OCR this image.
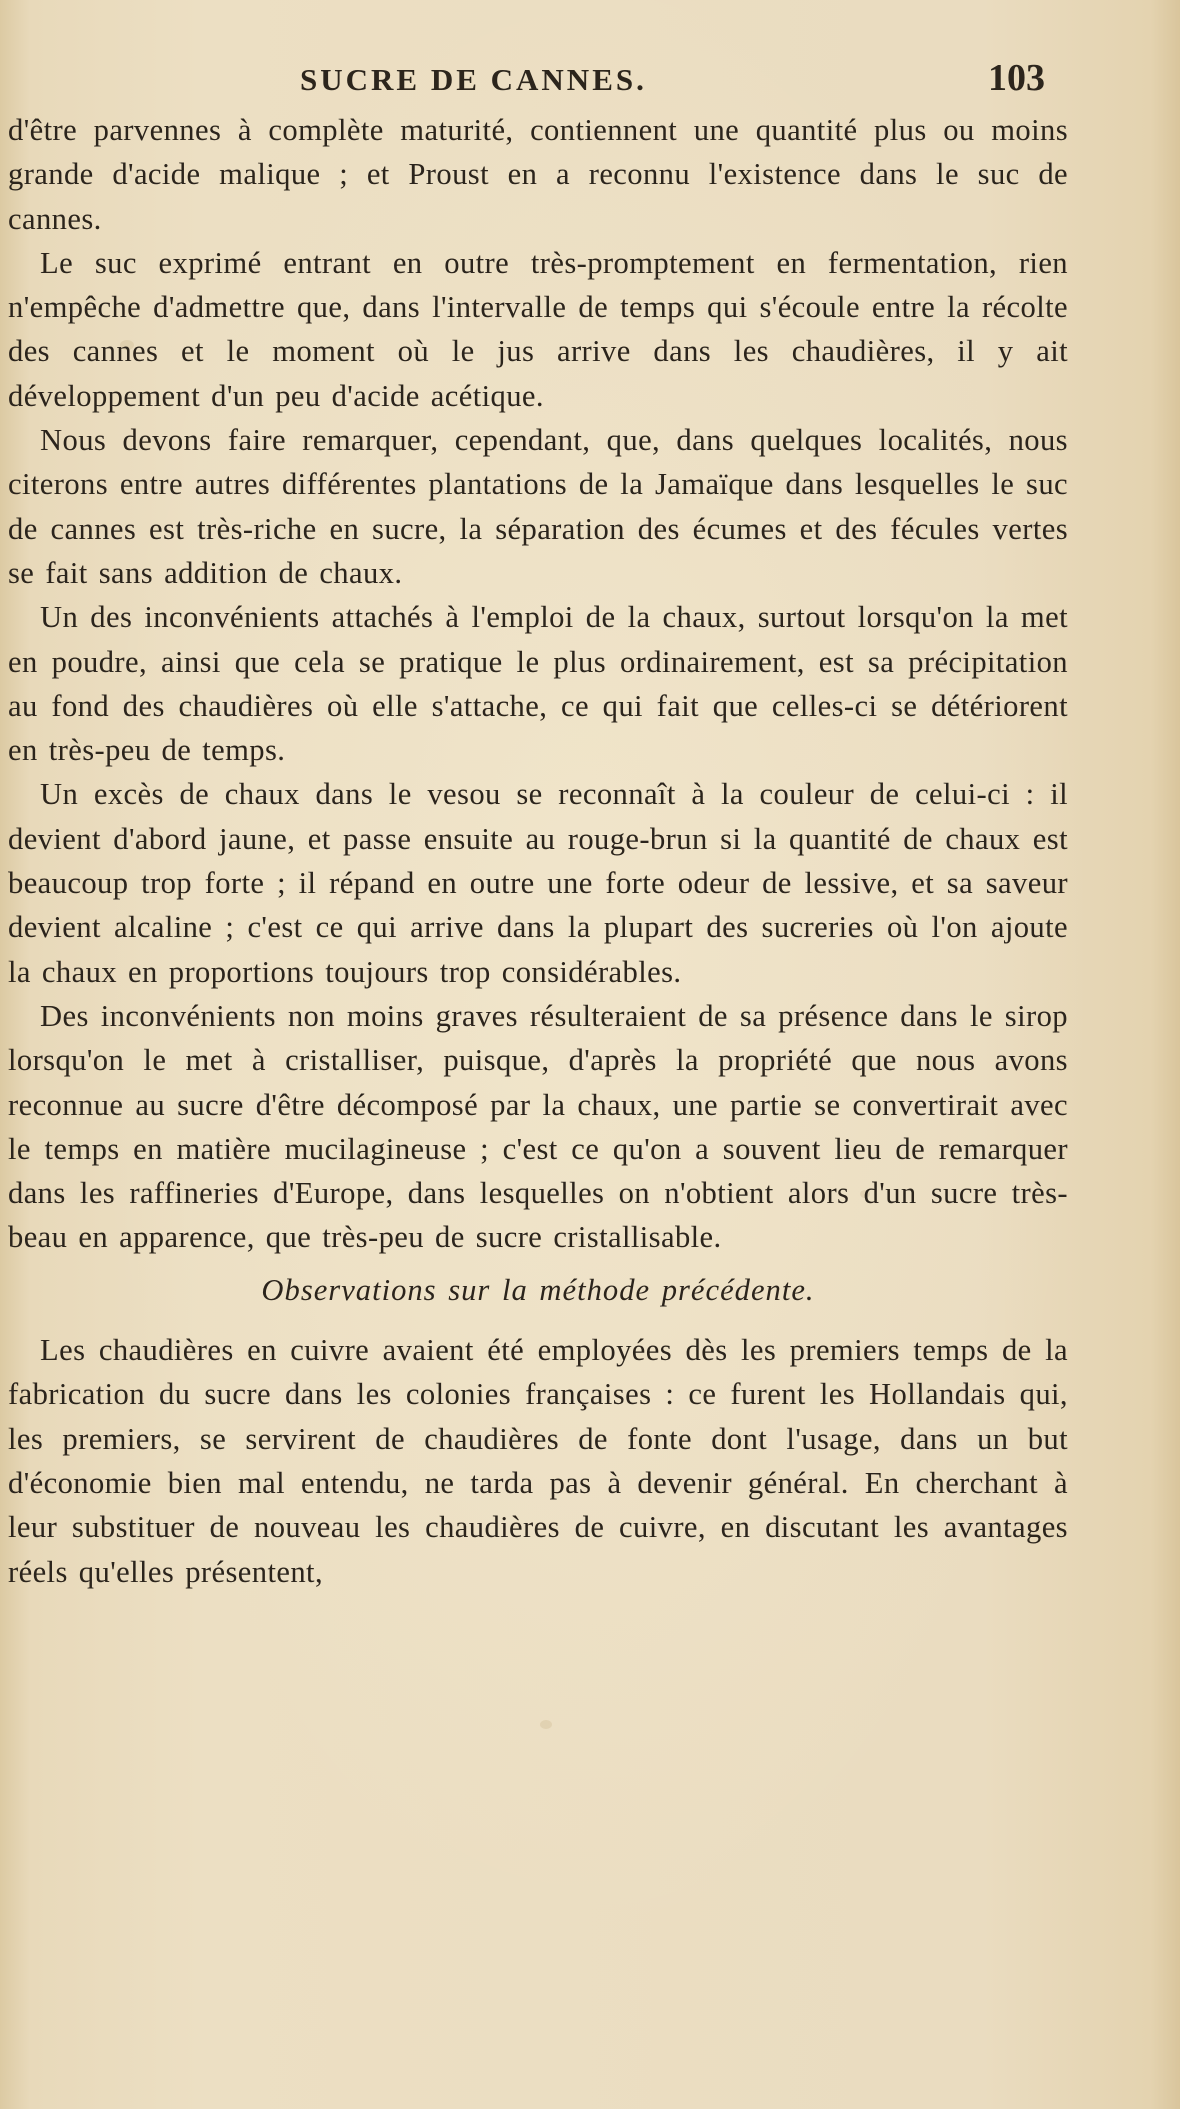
SUCRE DE CANNES.	103

d'être parvennes à complète maturité, contiennent une quantité plus ou moins grande d'acide malique ; et Proust en a reconnu l'existence dans le suc de cannes.

Le suc exprimé entrant en outre très-promptement en fermentation, rien n'empêche d'admettre que, dans l'intervalle de temps qui s'écoule entre la récolte des cannes et le moment où le jus arrive dans les chaudières, il y ait développement d'un peu d'acide acétique.

Nous devons faire remarquer, cependant, que, dans quelques localités, nous citerons entre autres différentes plantations de la Jamaïque dans lesquelles le suc de cannes est très-riche en sucre, la séparation des écumes et des fécules vertes se fait sans addition de chaux.

Un des inconvénients attachés à l'emploi de la chaux, surtout lorsqu'on la met en poudre, ainsi que cela se pratique le plus ordinairement, est sa précipitation au fond des chaudières où elle s'attache, ce qui fait que celles-ci se détériorent en très-peu de temps.

Un excès de chaux dans le vesou se reconnaît à la couleur de celui-ci : il devient d'abord jaune, et passe ensuite au rouge-brun si la quantité de chaux est beaucoup trop forte ; il répand en outre une forte odeur de lessive, et sa saveur devient alcaline ; c'est ce qui arrive dans la plupart des sucreries où l'on ajoute la chaux en proportions toujours trop considérables.

Des inconvénients non moins graves résulteraient de sa présence dans le sirop lorsqu'on le met à cristalliser, puisque, d'après la propriété que nous avons reconnue au sucre d'être décomposé par la chaux, une partie se convertirait avec le temps en matière mucilagineuse ; c'est ce qu'on a souvent lieu de remarquer dans les raffineries d'Europe, dans lesquelles on n'obtient alors d'un sucre très-beau en apparence, que très-peu de sucre cristallisable.

Observations sur la méthode précédente.

Les chaudières en cuivre avaient été employées dès les premiers temps de la fabrication du sucre dans les colonies françaises : ce furent les Hollandais qui, les premiers, se servirent de chaudières de fonte dont l'usage, dans un but d'économie bien mal entendu, ne tarda pas à devenir général. En cherchant à leur substituer de nouveau les chaudières de cuivre, en discutant les avantages réels qu'elles présentent,
